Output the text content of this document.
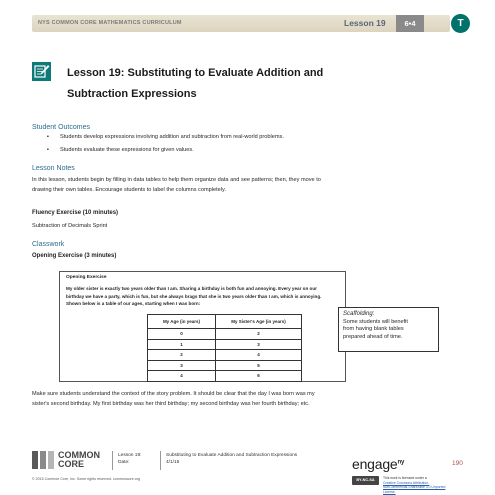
NYS COMMON CORE MATHEMATICS CURRICULUM	Lesson 19	6•4	T
Lesson 19: Substituting to Evaluate Addition and
Subtraction Expressions
Student Outcomes
▪ Students develop expressions involving addition and subtraction from real-world problems.
▪ Students evaluate these expressions for given values.
Lesson Notes
In this lesson, students begin by filling in data tables to help them organize data and see patterns; then, they move to
drawing their own tables. Encourage students to label the columns completely.
Fluency Exercise (10 minutes)
Subtraction of Decimals Sprint
Classwork
Opening Exercise (3 minutes)
Opening Exercise
My older sister is exactly two years older than I am. Sharing a birthday is both fun and annoying. Every year on our
birthday we have a party, which is fun, but she always brags that she is two years older than I am, which is annoying.
Shown below is a table of our ages, starting when I was born:
My Age (in years)	My Sister's Age (in years)
0	2
1	3
2	4
3	5
4	6
Scaffolding:
Some students will benefit
from having blank tables
prepared ahead of time.
Make sure students understand the context of the story problem. It should be clear that the day I was born was my
sister's second birthday. My first birthday was her third birthday; my second birthday was her fourth birthday; etc.
COMMON
CORE
Lesson 19:
Date:
Substituting to Evaluate Addition and Subtraction Expressions
4/1/15	engage$^{ny}$	190
© 2015 Common Core, Inc. Some rights reserved. commoncore.org	BY-NC-SA	This work is licensed under a
Creative Commons Attribution-NonCommercial-ShareAlike 3.0 Unported License.
